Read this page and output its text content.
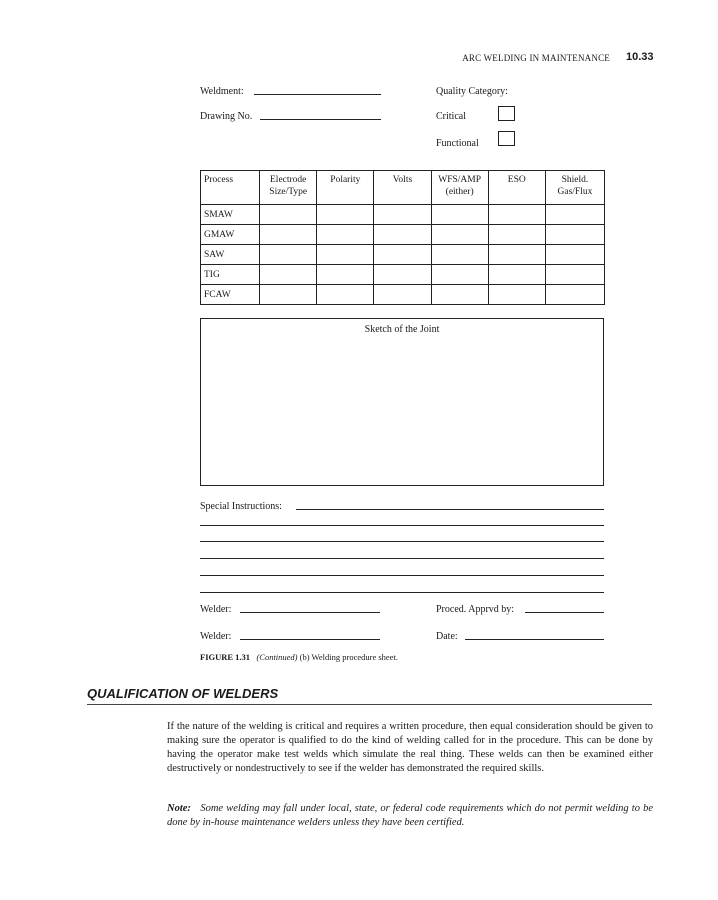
ARC WELDING IN MAINTENANCE 10.33
Weldment:
Drawing No.
Quality Category:
Critical
Functional
Process	Electrode Size/Type	Polarity	Volts	WFS/AMP (either)	ESO	Shield. Gas/Flux
SMAW						
GMAW						
SAW						
TIG						
FCAW						
Sketch of the Joint
Special Instructions:
Welder:	Proced. Apprvd by:
Welder:	Date:
FIGURE 1.31 (Continued) (b) Welding procedure sheet.
QUALIFICATION OF WELDERS
If the nature of the welding is critical and requires a written procedure, then equal consideration should be given to making sure the operator is qualified to do the kind of welding called for in the procedure. This can be done by having the operator make test welds which simulate the real thing. These welds can then be examined either destructively or nondestructively to see if the welder has demonstrated the required skills.
Note: Some welding may fall under local, state, or federal code requirements which do not permit welding to be done by in-house maintenance welders unless they have been certified.
